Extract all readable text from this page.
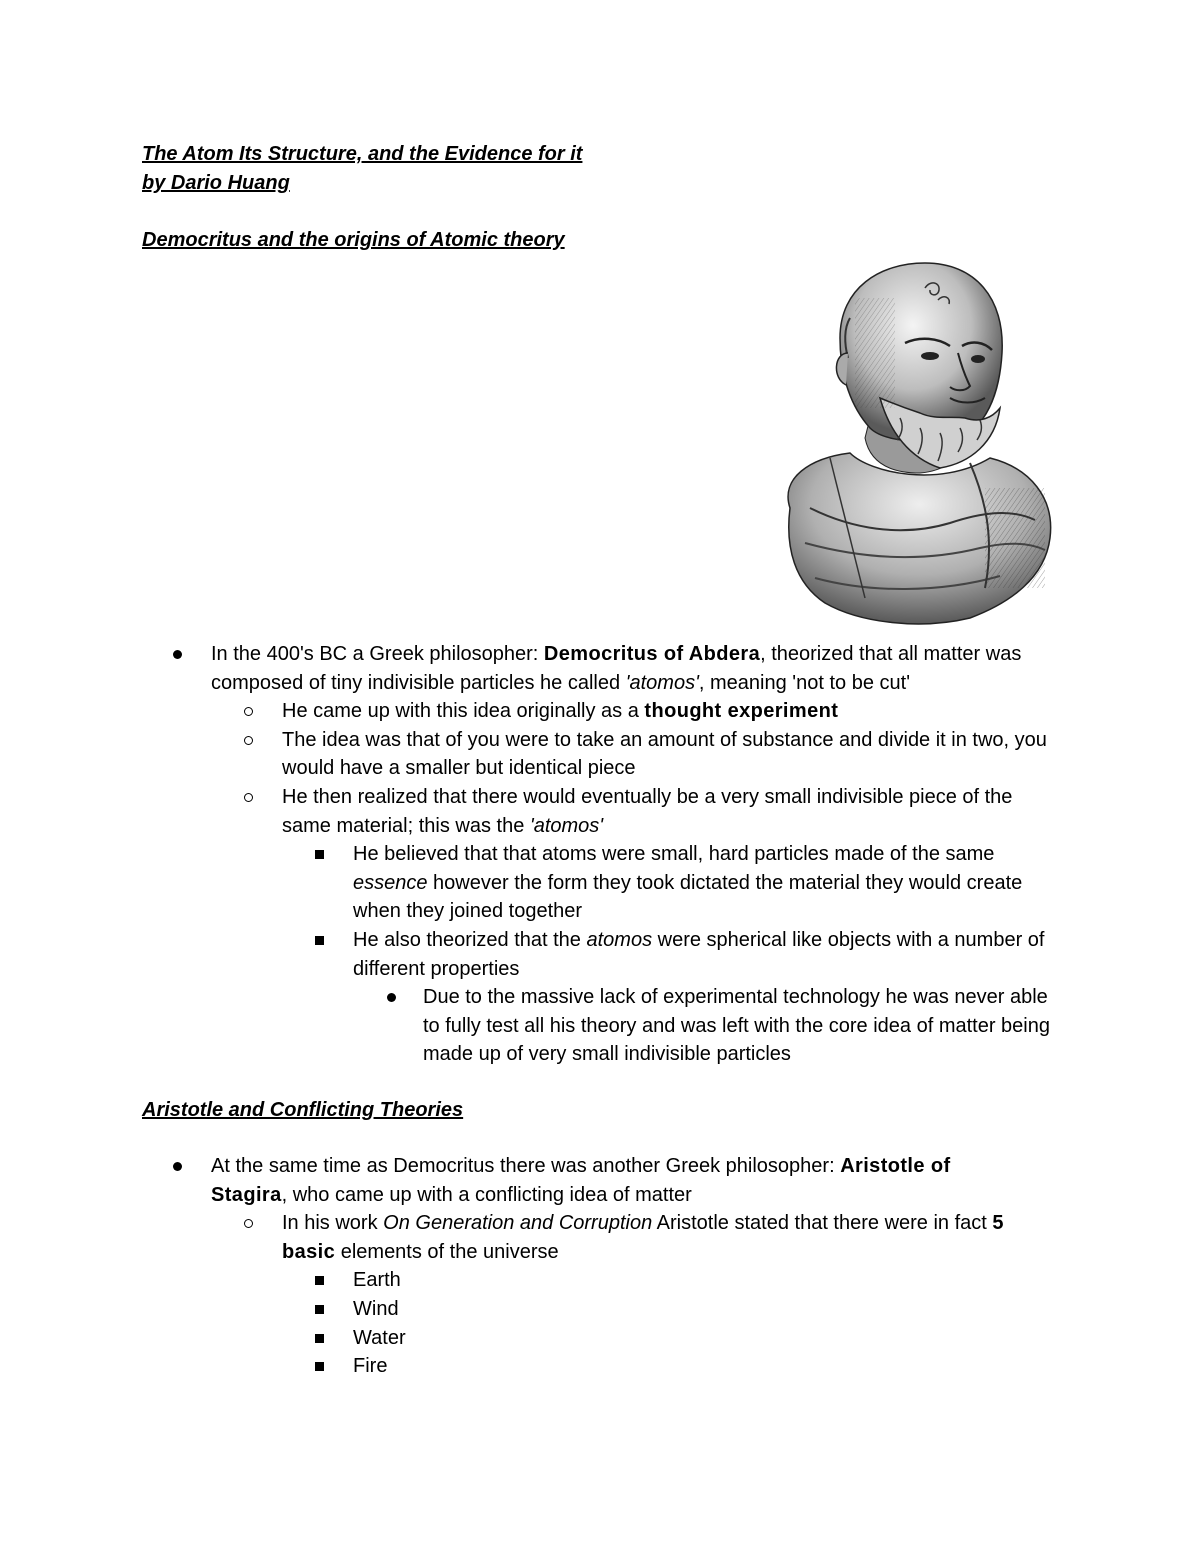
The Atom Its Structure, and the Evidence for it
by Dario Huang
Democritus and the origins of Atomic theory
In the 400's BC a Greek philosopher: Democritus of Abdera, theorized that all matter was composed of tiny indivisible particles he called 'atomos', meaning 'not to be cut'
He came up with this idea originally as a thought experiment
The idea was that of you were to take an amount of substance and divide it in two, you would have a smaller but identical piece
He then realized that there would eventually be a very small indivisible piece of the same material; this was the 'atomos'
He believed that that atoms were small, hard particles made of the same essence however the form they took dictated the material they would create when they joined together
He also theorized that the atomos were spherical like objects with a number of different properties
Due to the massive lack of experimental technology he was never able to fully test all his theory and was left with the core idea of matter being made up of very small indivisible particles
Aristotle and Conflicting Theories
At the same time as Democritus there was another Greek philosopher: Aristotle of Stagira, who came up with a conflicting idea of matter
In his work On Generation and Corruption Aristotle stated that there were in fact 5 basic elements of the universe
Earth
Wind
Water
Fire
